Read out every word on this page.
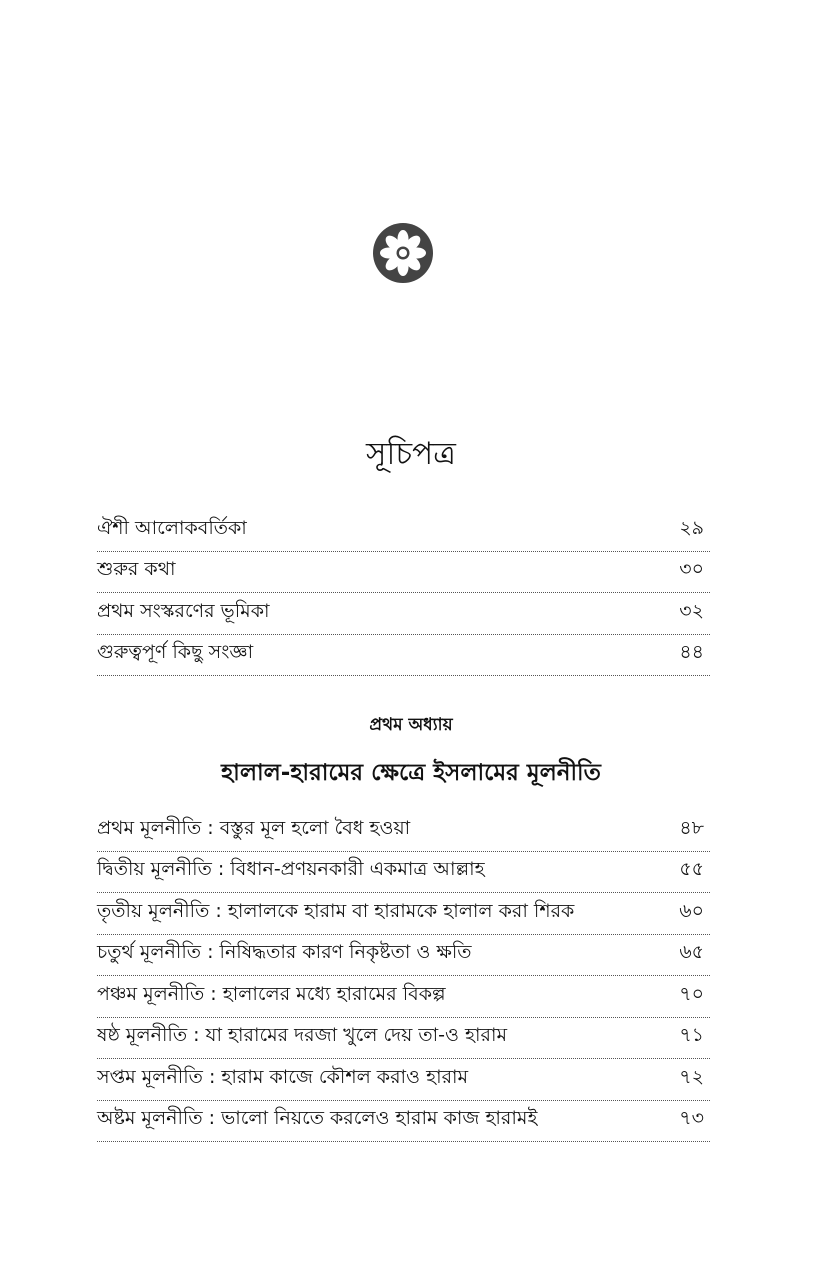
সূচিপত্র
ঐশী আলোকবর্তিকা	২৯
শুরুর কথা	৩০
প্রথম সংস্করণের ভূমিকা	৩২
গুরুত্বপূর্ণ কিছু সংজ্ঞা	৪৪
প্রথম অধ্যায়
হালাল-হারামের ক্ষেত্রে ইসলামের মূলনীতি
প্রথম মূলনীতি : বস্তুর মূল হলো বৈধ হওয়া	৪৮
দ্বিতীয় মূলনীতি : বিধান-প্রণয়নকারী একমাত্র আল্লাহ	৫৫
তৃতীয় মূলনীতি : হালালকে হারাম বা হারামকে হালাল করা শিরক	৬০
চতুর্থ মূলনীতি : নিষিদ্ধতার কারণ নিকৃষ্টতা ও ক্ষতি	৬৫
পঞ্চম মূলনীতি : হালালের মধ্যে হারামের বিকল্প	৭০
ষষ্ঠ মূলনীতি : যা হারামের দরজা খুলে দেয় তা-ও হারাম	৭১
সপ্তম মূলনীতি : হারাম কাজে কৌশল করাও হারাম	৭২
অষ্টম মূলনীতি : ভালো নিয়তে করলেও হারাম কাজ হারামই	৭৩
